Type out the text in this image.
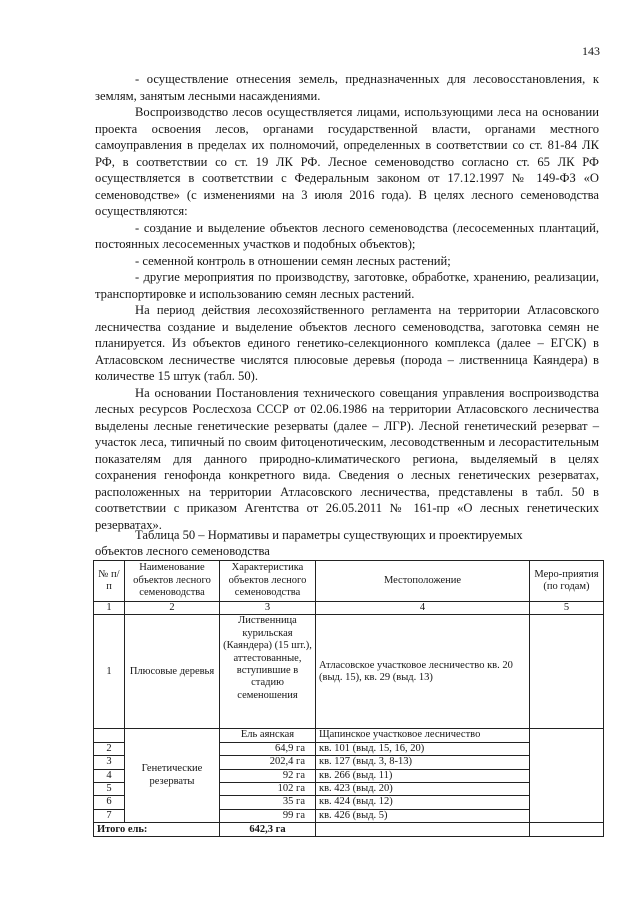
143

- осуществление отнесения земель, предназначенных для лесовосстановления, к землям, занятым лесными насаждениями.

Воспроизводство лесов осуществляется лицами, использующими леса на основании проекта освоения лесов, органами государственной власти, органами местного самоуправления в пределах их полномочий, определенных в соответствии со ст. 81-84 ЛК РФ, в соответствии со ст. 19 ЛК РФ. Лесное семеноводство согласно ст. 65 ЛК РФ осуществляется в соответствии с Федеральным законом от 17.12.1997 № 149-ФЗ «О семеноводстве» (с изменениями на 3 июля 2016 года). В целях лесного семеноводства осуществляются:

- создание и выделение объектов лесного семеноводства (лесосеменных плантаций, постоянных лесосеменных участков и подобных объектов);

- семенной контроль в отношении семян лесных растений;

- другие мероприятия по производству, заготовке, обработке, хранению, реализации, транспортировке и использованию семян лесных растений.

На период действия лесохозяйственного регламента на территории Атласовского лесничества создание и выделение объектов лесного семеноводства, заготовка семян не планируется. Из объектов единого генетико-селекционного комплекса (далее – ЕГСК) в Атласовском лесничестве числятся плюсовые деревья (порода – лиственница Каяндера) в количестве 15 штук (табл. 50).

На основании Постановления технического совещания управления воспроизводства лесных ресурсов Рослесхоза СССР от 02.06.1986 на территории Атласовского лесничества выделены лесные генетические резерваты (далее – ЛГР). Лесной генетический резерват – участок леса, типичный по своим фитоценотическим, лесоводственным и лесорастительным показателям для данного природно-климатического региона, выделяемый в целях сохранения генофонда конкретного вида. Сведения о лесных генетических резерватах, расположенных на территории Атласовского лесничества, представлены в табл. 50 в соответствии с приказом Агентства от 26.05.2011 № 161-пр «О лесных генетических резерватах».

Таблица 50 – Нормативы и параметры существующих и проектируемых
объектов лесного семеноводства
№ п/п	Наименование объектов лесного семеноводства	Характеристика объектов лесного семеноводства	Местоположение	Меро-приятия (по годам)
1	2	3	4	5
1	Плюсовые деревья	Лиственница курильская (Каяндера) (15 шт.), аттестованные, вступившие в стадию семеношения	Атласовское участковое лесничество кв. 20 (выд. 15), кв. 29 (выд. 13)	
	Генетические резерваты	Ель аянская	Щапинское участковое лесничество	
2		64,9 га	кв. 101 (выд. 15, 16, 20)	
3		202,4 га	кв. 127 (выд. 3, 8-13)	
4		92 га	кв. 266 (выд. 11)	
5		102 га	кв. 423 (выд. 20)	
6		35 га	кв. 424 (выд. 12)	
7		99 га	кв. 426 (выд. 5)	
Итого ель:		642,3 га		
